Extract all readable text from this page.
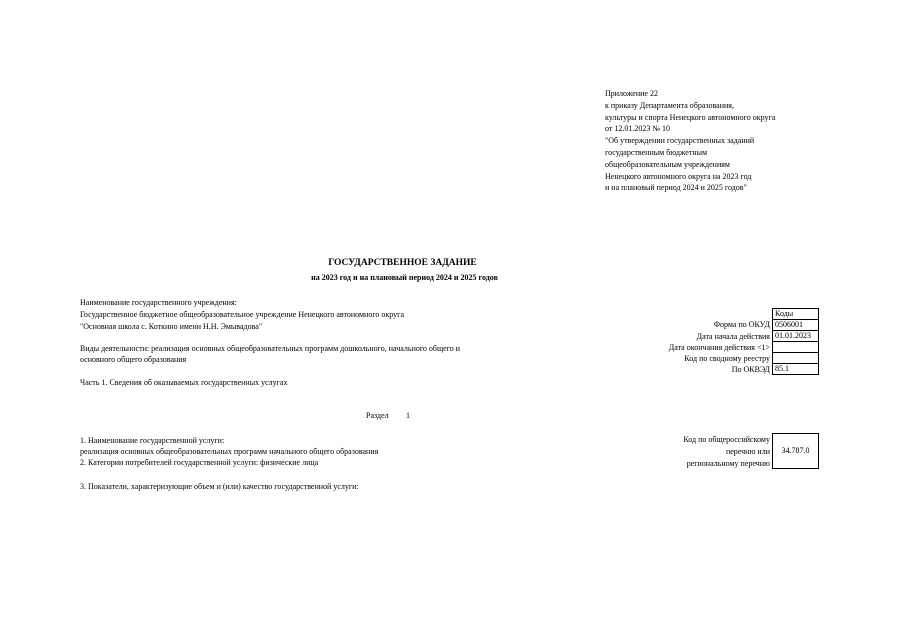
Приложение 22
к приказу Департамента образования,
культуры и спорта Ненецкого автономного округа
от 12.01.2023 № 10
"Об утверждении государственных заданий
государственным бюджетным
общеобразовательным учреждениям
Ненецкого автономного округа на 2023 год
и на плановый период 2024 и 2025 годов"
ГОСУДАРСТВЕННОЕ ЗАДАНИЕ
на 2023 год и на плановый период 2024 и 2025 годов
Наименование государственного учреждения:
Государственное бюджетное общеобразовательное учреждение Ненецкого автономного округа
"Основная школа с. Коткино имени Н.Н. Эмывадова"
Виды деятельности: реализация основных общеобразовательных программ дошкольного, начального общего и
основного общего образования
Часть 1. Сведения об оказываемых государственных услугах
Раздел 1
1. Наименование государственной услуги:
реализация основных общеобразовательных программ начального общего образования
2. Категории потребителей государственной услуги: физические лица
3. Показатели, характеризующие объем и (или) качество государственной услуги:
Форма по ОКУД
Дата начала действия
Дата окончания действия <1>
Код по сводному реестру
По ОКВЭД
Коды
0506001
01.01.2023
85.1
Код по общероссийскому
перечню или
региональному перечню
34.787.0
